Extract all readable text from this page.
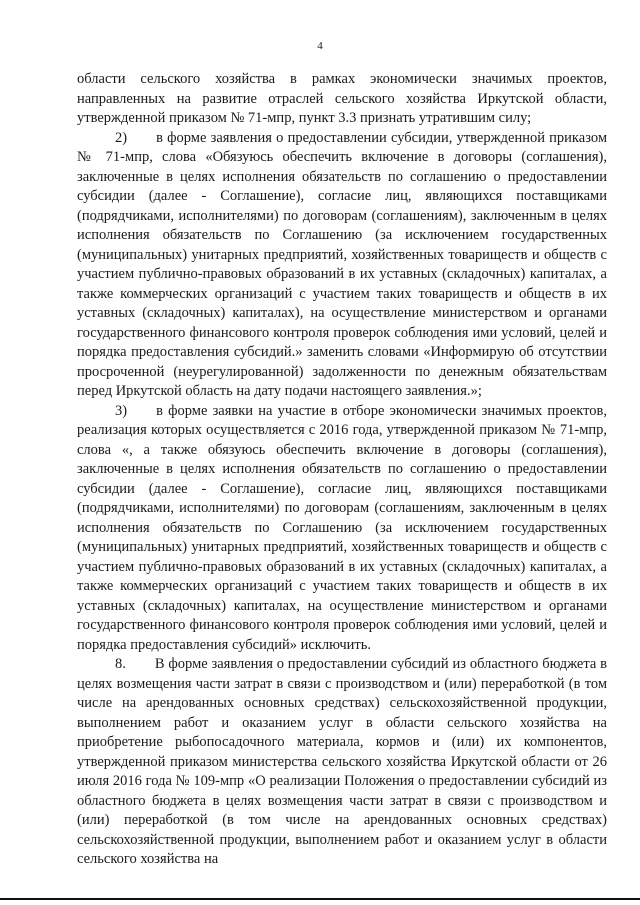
4

области сельского хозяйства в рамках экономически значимых проектов, направленных на развитие отраслей сельского хозяйства Иркутской области, утвержденной приказом № 71-мпр, пункт 3.3 признать утратившим силу;

2)  в форме заявления о предоставлении субсидии, утвержденной приказом № 71-мпр, слова «Обязуюсь обеспечить включение в договоры (соглашения), заключенные в целях исполнения обязательств по соглашению о предоставлении субсидии (далее - Соглашение), согласие лиц, являющихся поставщиками (подрядчиками, исполнителями) по договорам (соглашениям), заключенным в целях исполнения обязательств по Соглашению (за исключением государственных (муниципальных) унитарных предприятий, хозяйственных товариществ и обществ с участием публично-правовых образований в их уставных (складочных) капиталах, а также коммерческих организаций с участием таких товариществ и обществ в их уставных (складочных) капиталах), на осуществление министерством и органами государственного финансового контроля проверок соблюдения ими условий, целей и порядка предоставления субсидий.» заменить словами «Информирую об отсутствии просроченной (неурегулированной) задолженности по денежным обязательствам перед Иркутской область на дату подачи настоящего заявления.»;

3)  в форме заявки на участие в отборе экономически значимых проектов, реализация которых осуществляется с 2016 года, утвержденной приказом № 71-мпр, слова «, а также обязуюсь обеспечить включение в договоры (соглашения), заключенные в целях исполнения обязательств по соглашению о предоставлении субсидии (далее - Соглашение), согласие лиц, являющихся поставщиками (подрядчиками, исполнителями) по договорам (соглашениям, заключенным в целях исполнения обязательств по Соглашению (за исключением государственных (муниципальных) унитарных предприятий, хозяйственных товариществ и обществ с участием публично-правовых образований в их уставных (складочных) капиталах, а также коммерческих организаций с участием таких товариществ и обществ в их уставных (складочных) капиталах, на осуществление министерством и органами государственного финансового контроля проверок соблюдения ими условий, целей и порядка предоставления субсидий» исключить.

8.  В форме заявления о предоставлении субсидий из областного бюджета в целях возмещения части затрат в связи с производством и (или) переработкой (в том числе на арендованных основных средствах) сельскохозяйственной продукции, выполнением работ и оказанием услуг в области сельского хозяйства на приобретение рыбопосадочного материала, кормов и (или) их компонентов, утвержденной приказом министерства сельского хозяйства Иркутской области от 26 июля 2016 года № 109-мпр «О реализации Положения о предоставлении субсидий из областного бюджета в целях возмещения части затрат в связи с производством и (или) переработкой (в том числе на арендованных основных средствах) сельскохозяйственной продукции, выполнением работ и оказанием услуг в области сельского хозяйства на
